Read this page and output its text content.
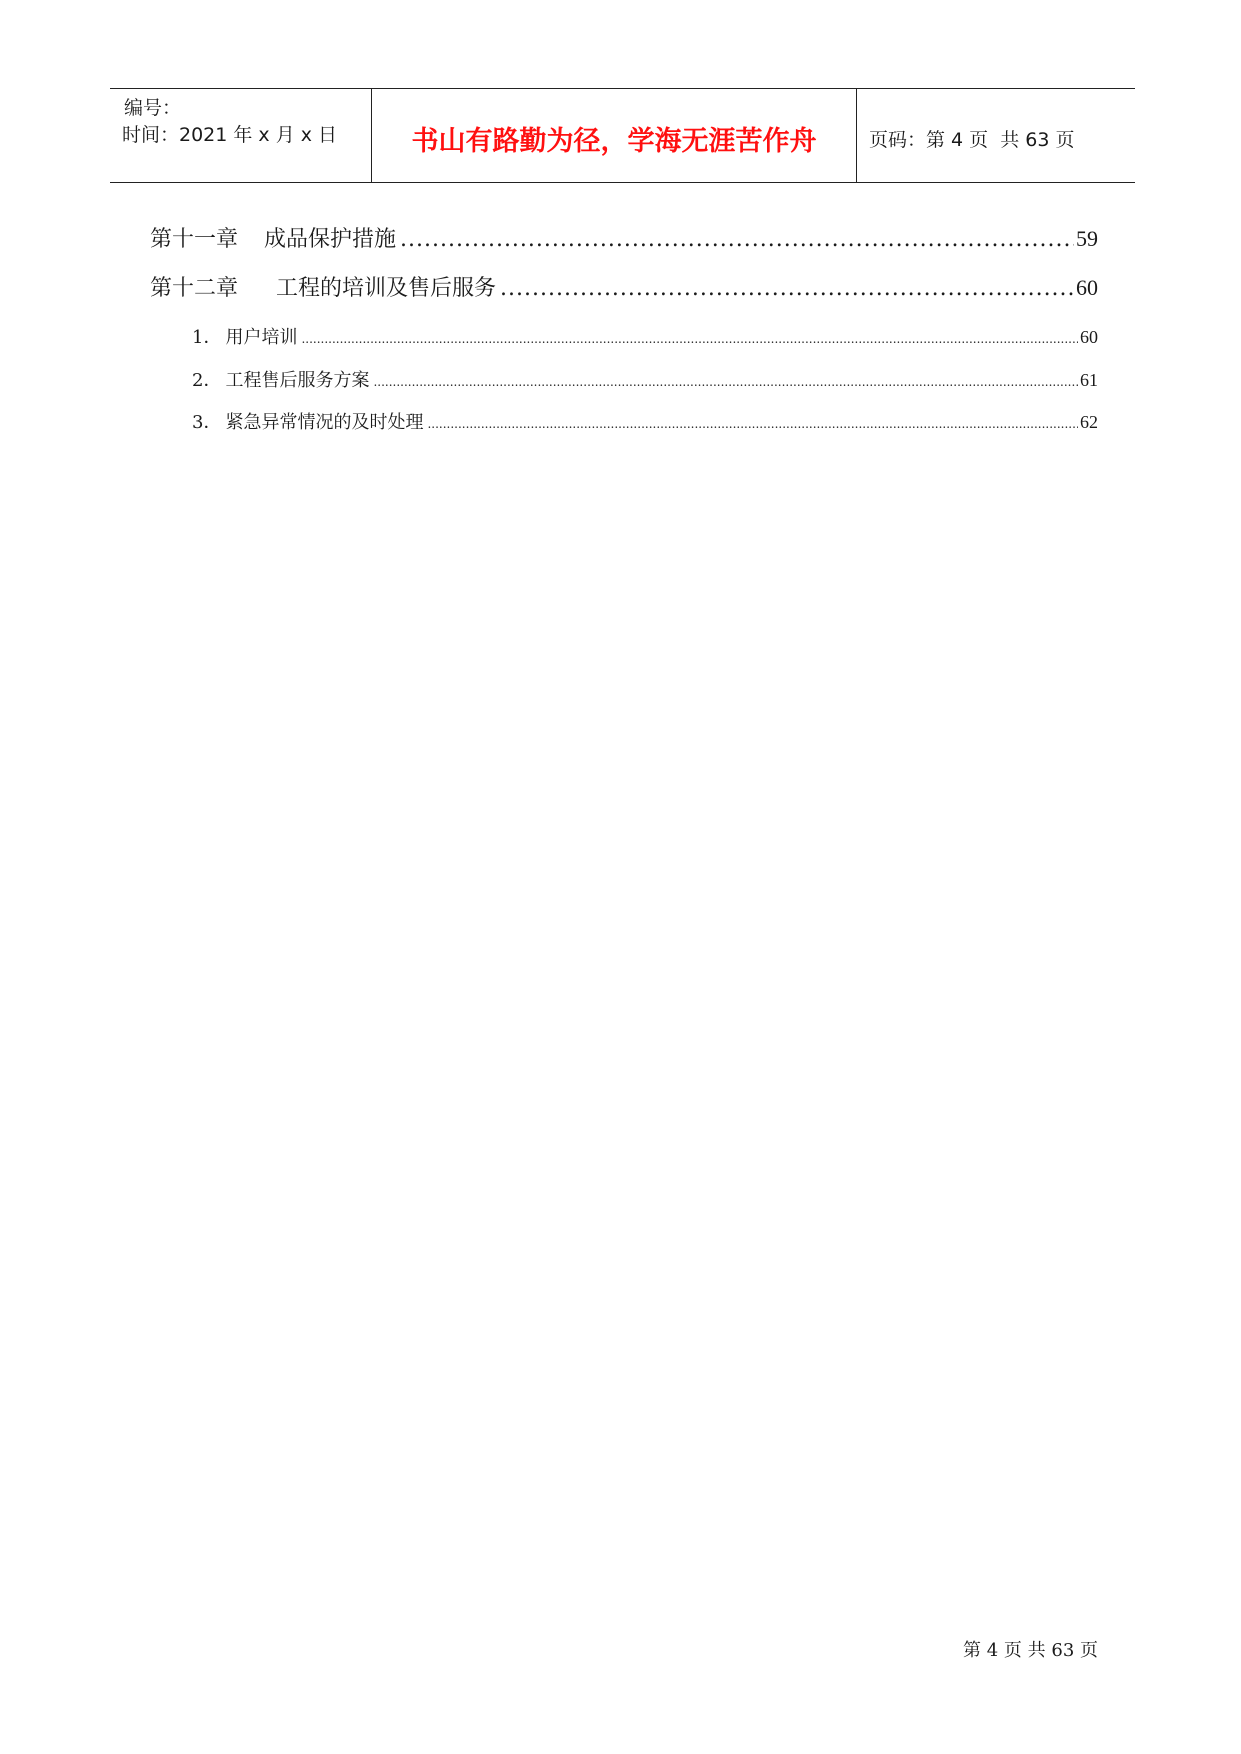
编号：
时间：2021 年 x 月 x 日	书山有路勤为径，学海无涯苦作舟	页码：第 4 页  共 63 页
第十一章	成品保护措施 .....	59
第十二章	工程的培训及售后服务 .....	60
1． 用户培训 .....	60
2． 工程售后服务方案 .....	61
3． 紧急异常情况的及时处理 .....	62
第 4 页 共 63 页
